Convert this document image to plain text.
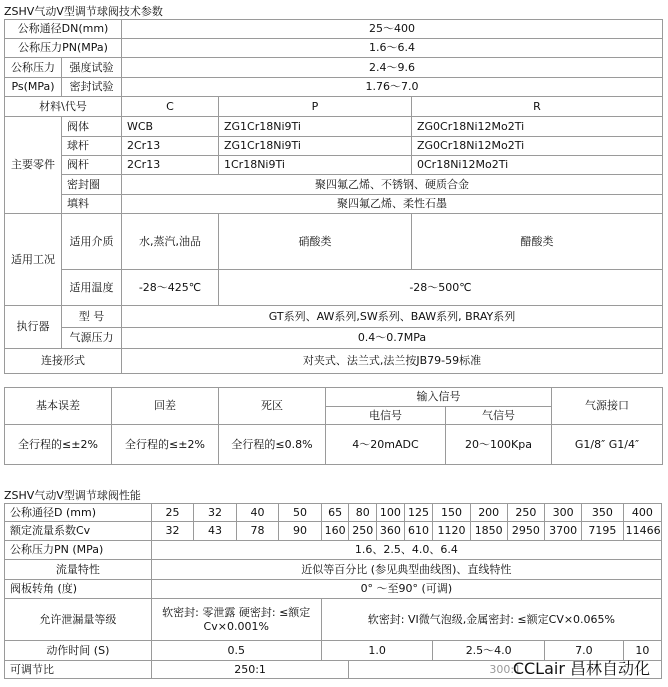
ZSHV气动V型调节球阀技术参数
公称通径DN(mm)		25～400		
公称压力PN(MPa)		1.6～6.4		
公称压力	强度试验	2.4～9.6		
Ps(MPa)	密封试验	1.76～7.0		
材料\代号		C	P	R
主要零件	阀体	WCB	ZG1Cr18Ni9Ti	ZG0Cr18Ni12Mo2Ti
	球杆	2Cr13	ZG1Cr18Ni9Ti	ZG0Cr18Ni12Mo2Ti
	阀杆	2Cr13	1Cr18Ni9Ti	0Cr18Ni12Mo2Ti
	密封圈	聚四氟乙烯、不锈钢、硬质合金		
	填料	聚四氟乙烯、柔性石墨		
适用工况	适用介质	水,蒸汽,油品	硝酸类	醋酸类
	适用温度	-28～425℃	-28～500℃	
执行器	型 号	GT系列、AW系列,SW系列、BAW系列, BRAY系列		
	气源压力	0.4～0.7MPa		
连接形式		对夹式、法兰式,法兰按JB79-59标准		
基本误差	回差	死区	输入信号		气源接口
			电信号	气信号	
全行程的≤±2%	全行程的≤±2%	全行程的≤0.8%	4～20mADC	20～100Kpa	G1/8″ G1/4″
ZSHV气动V型调节球阀性能
公称通径D (mm)	25	32	40	50	65	80	100	125	150	200	250	300	350	400
额定流量系数Cv	32	43	78	90	160	250	360	610	1120	1850	2950	3700	7195	11466
公称压力PN (MPa)	1.6、2.5、4.0、6.4													
流量特性	近似等百分比 (参见典型曲线图)、直线特性													
阀板转角 (度)	0° ～至90° (可调)													
允许泄漏量等级	软密封: 零泄露 硬密封: ≤额定Cv×0.001%				软密封: VI微气泡级,金属密封: ≤额定CV×0.065%									
动作时间 (S)	0.5				1.0				2.5～4.0			7.0		10
可调节比	250:1					300:1								
CCLair 昌林自动化
